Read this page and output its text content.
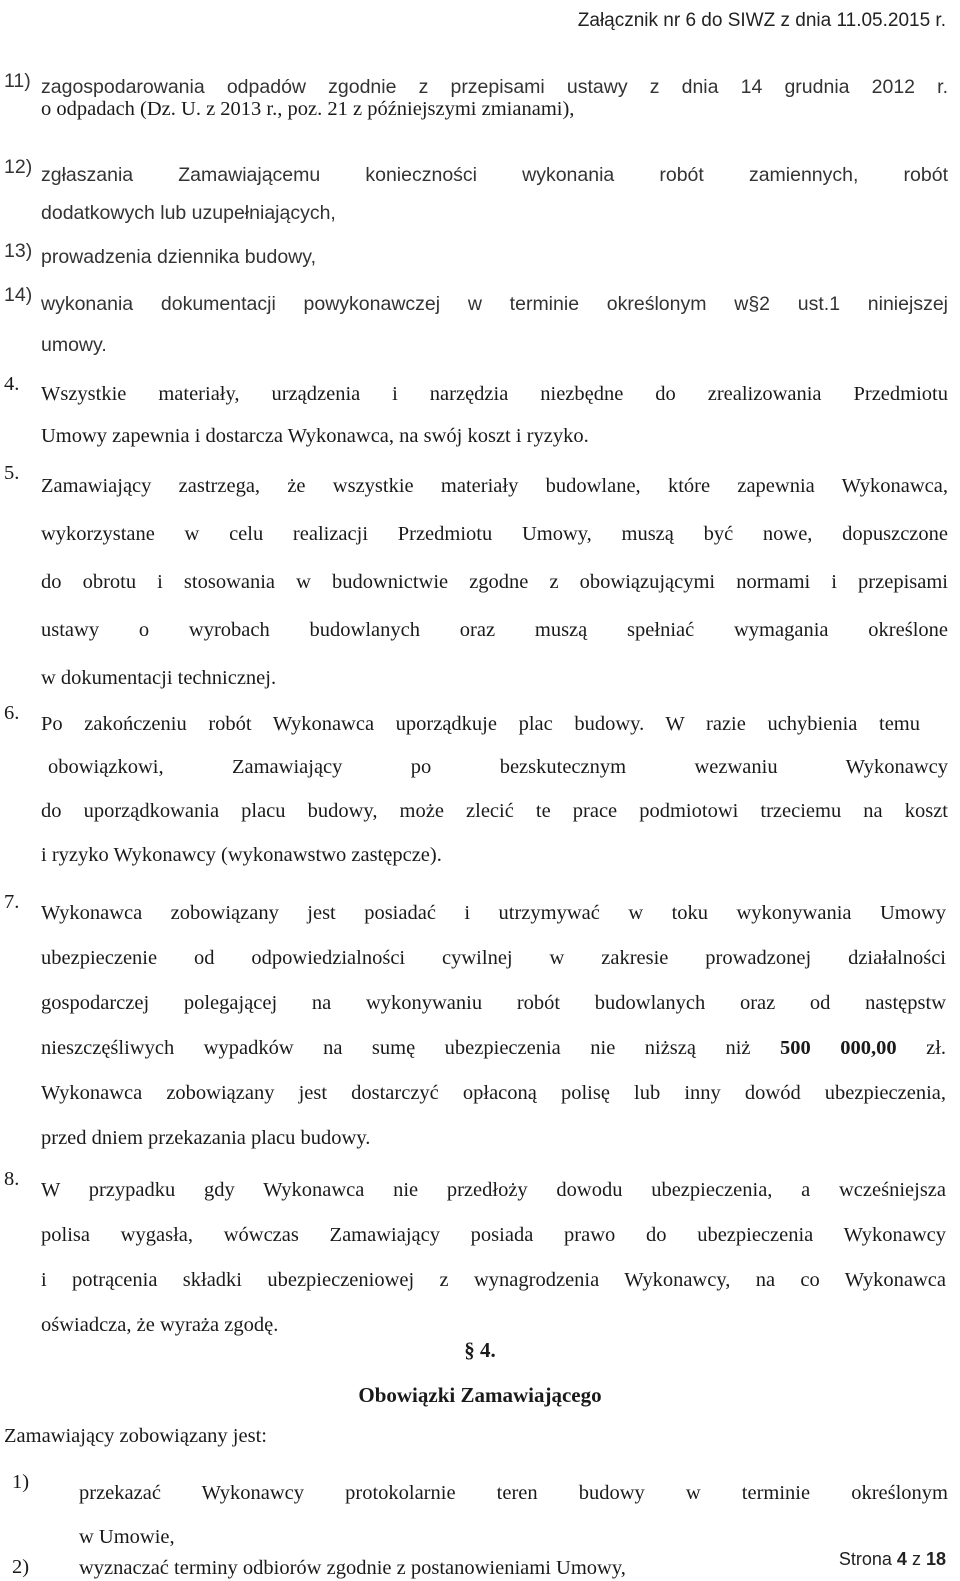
Załącznik nr 6 do SIWZ z dnia 11.05.2015 r.
11) zagospodarowania odpadów zgodnie z przepisami ustawy z dnia 14 grudnia 2012 r.
o odpadach (Dz. U. z 2013 r., poz. 21 z późniejszymi zmianami),
12) zgłaszania Zamawiającemu konieczności wykonania robót zamiennych, robót
dodatkowych lub uzupełniających,
13) prowadzenia dziennika budowy,
14) wykonania dokumentacji powykonawczej w terminie określonym w§2 ust.1 niniejszej
umowy.
4. Wszystkie materiały, urządzenia i narzędzia niezbędne do zrealizowania Przedmiotu
Umowy zapewnia i dostarcza Wykonawca, na swój koszt i ryzyko.
5.
Zamawiający zastrzega, że wszystkie materiały budowlane, które zapewnia Wykonawca,
wykorzystane w celu realizacji Przedmiotu Umowy, muszą być nowe, dopuszczone
do obrotu i stosowania w budownictwie zgodne z obowiązującymi normami i przepisami
ustawy o wyrobach budowlanych oraz muszą spełniać wymagania określone
w dokumentacji technicznej.
6. Po zakończeniu robót Wykonawca uporządkuje plac budowy. W razie uchybienia temu
obowiązkowi, Zamawiający po bezskutecznym wezwaniu Wykonawcy
do uporządkowania placu budowy, może zlecić te prace podmiotowi trzeciemu na koszt
i ryzyko Wykonawcy (wykonawstwo zastępcze).
7. Wykonawca zobowiązany jest posiadać i utrzymywać w toku wykonywania Umowy
ubezpieczenie od odpowiedzialności cywilnej w zakresie prowadzonej działalności
gospodarczej polegającej na wykonywaniu robót budowlanych oraz od następstw
nieszczęśliwych wypadków na sumę ubezpieczenia nie niższą niż 500 000,00 zł.
Wykonawca zobowiązany jest dostarczyć opłaconą polisę lub inny dowód ubezpieczenia,
przed dniem przekazania placu budowy.
8. W przypadku gdy Wykonawca nie przedłoży dowodu ubezpieczenia, a wcześniejsza
polisa wygasła, wówczas Zamawiający posiada prawo do ubezpieczenia Wykonawcy
i potrącenia składki ubezpieczeniowej z wynagrodzenia Wykonawcy, na co Wykonawca
oświadcza, że wyraża zgodę.
§ 4.
Obowiązki Zamawiającego
Zamawiający zobowiązany jest:
1) przekazać Wykonawcy protokolarnie teren budowy w terminie określonym
w Umowie,
2) wyznaczać terminy odbiorów zgodnie z postanowieniami Umowy,	Strona 4 z 18
